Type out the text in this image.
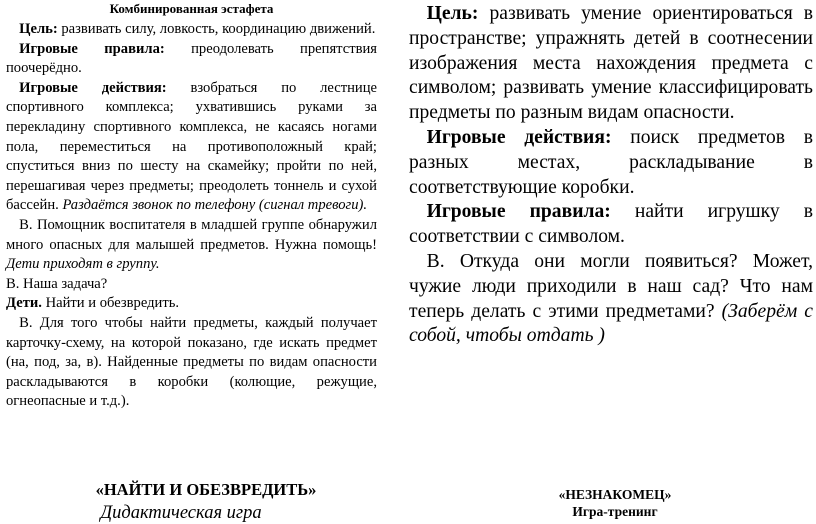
Комбинированная эстафета

Цель: развивать силу, ловкость, координацию движений.

Игровые правила: преодолевать препятствия поочерёдно.

Игровые действия: взобраться по лестнице спортивного комплекса; ухватившись руками за перекладину спортивного комплекса, не касаясь ногами пола, переместиться на противоположный край; спуститься вниз по шесту на скамейку; пройти по ней, перешагивая через предметы; преодолеть тоннель и сухой бассейн. Раздаётся звонок по телефону (сигнал тревоги).

В. Помощник воспитателя в младшей группе обнаружил много опасных для малышей предметов. Нужна помощь! Дети приходят в группу.

В. Наша задача?

Дети. Найти и обезвредить.

В. Для того чтобы найти предметы, каждый получает карточку-схему, на которой показано, где искать предмет (на, под, за, в). Найденные предметы по видам опасности раскладываются в коробки (колющие, режущие, огнеопасные и т.д.).

«НАЙТИ И ОБЕЗВРЕДИТЬ»
Дидактическая игра

Цель: развивать умение ориентироваться в пространстве; упражнять детей в соотнесении изображения места нахождения предмета с символом; развивать умение классифицировать предметы по разным видам опасности.

Игровые действия: поиск предметов в разных местах, раскладывание в соответствующие коробки.

Игровые правила: найти игрушку в соответствии с символом.

В. Откуда они могли появиться? Может, чужие люди приходили в наш сад? Что нам теперь делать с этими предметами? (Заберём с собой, чтобы отдать )

«НЕЗНАКОМЕЦ»
Игра-тренинг
